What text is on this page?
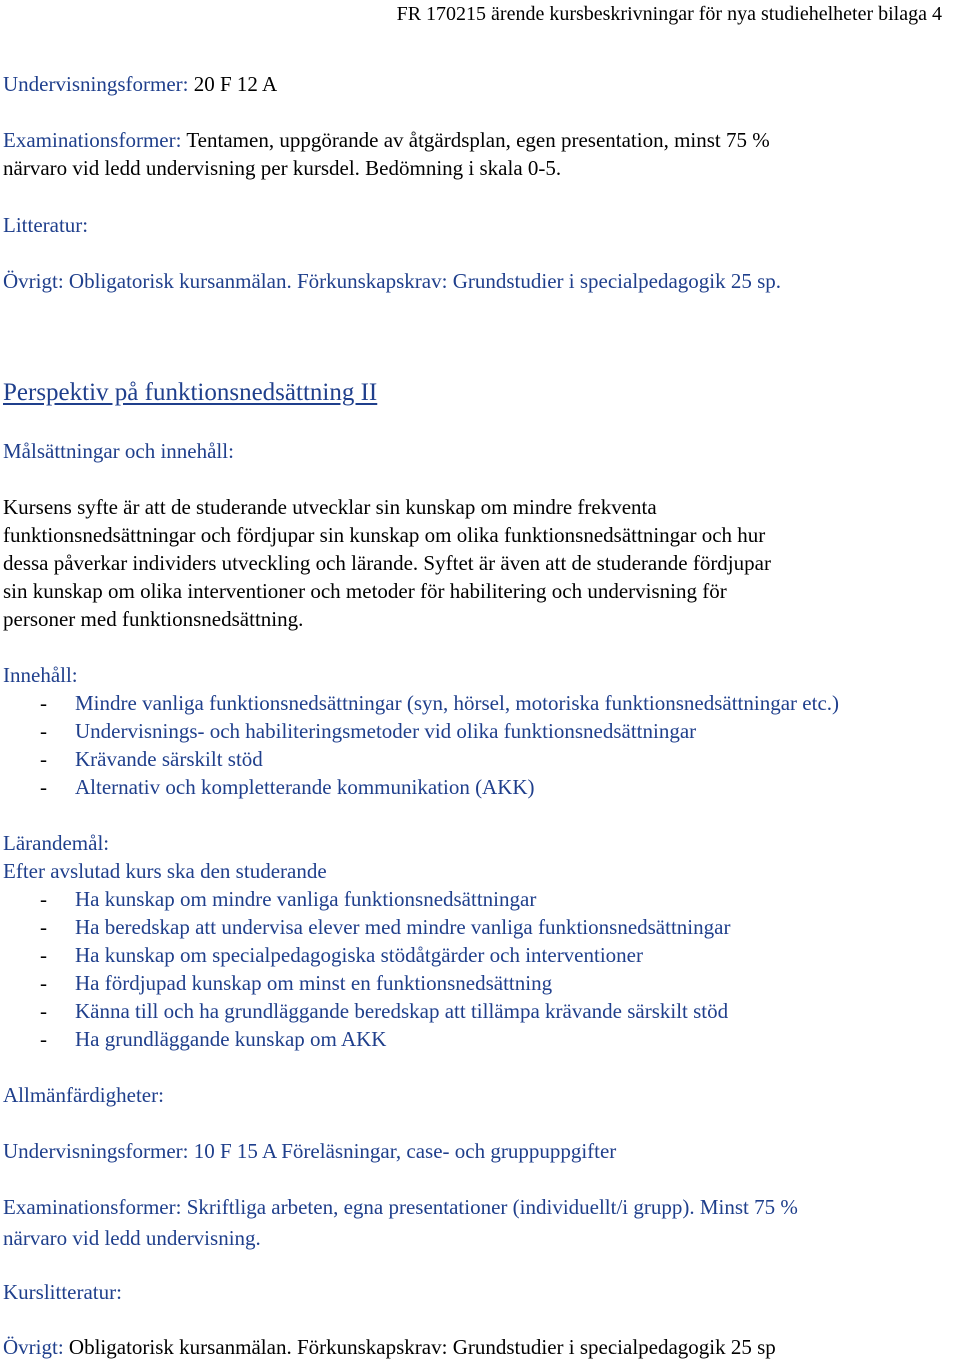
FR 170215 ärende kursbeskrivningar för nya studiehelheter bilaga 4
Undervisningsformer: 20 F 12 A
Examinationsformer: Tentamen, uppgörande av åtgärdsplan, egen presentation, minst 75 %
närvaro vid ledd undervisning per kursdel. Bedömning i skala 0-5.
Litteratur:
Övrigt: Obligatorisk kursanmälan. Förkunskapskrav: Grundstudier i specialpedagogik 25 sp.
Perspektiv på funktionsnedsättning II
Målsättningar och innehåll:
Kursens syfte är att de studerande utvecklar sin kunskap om mindre frekventa
funktionsnedsättningar och fördjupar sin kunskap om olika funktionsnedsättningar och hur
dessa påverkar individers utveckling och lärande. Syftet är även att de studerande fördjupar
sin kunskap om olika interventioner och metoder för habilitering och undervisning för
personer med funktionsnedsättning.
Innehåll:
- Mindre vanliga funktionsnedsättningar (syn, hörsel, motoriska funktionsnedsättningar etc.)
- Undervisnings- och habiliteringsmetoder vid olika funktionsnedsättningar
- Krävande särskilt stöd
- Alternativ och kompletterande kommunikation (AKK)
Lärandemål:
Efter avslutad kurs ska den studerande
- Ha kunskap om mindre vanliga funktionsnedsättningar
- Ha beredskap att undervisa elever med mindre vanliga funktionsnedsättningar
- Ha kunskap om specialpedagogiska stödåtgärder och interventioner
- Ha fördjupad kunskap om minst en funktionsnedsättning
- Känna till och ha grundläggande beredskap att tillämpa krävande särskilt stöd
- Ha grundläggande kunskap om AKK
Allmänfärdigheter:
Undervisningsformer: 10 F 15 A Föreläsningar, case- och gruppuppgifter
Examinationsformer: Skriftliga arbeten, egna presentationer (individuellt/i grupp). Minst 75 %
närvaro vid ledd undervisning.
Kurslitteratur:
Övrigt: Obligatorisk kursanmälan. Förkunskapskrav: Grundstudier i specialpedagogik 25 sp
